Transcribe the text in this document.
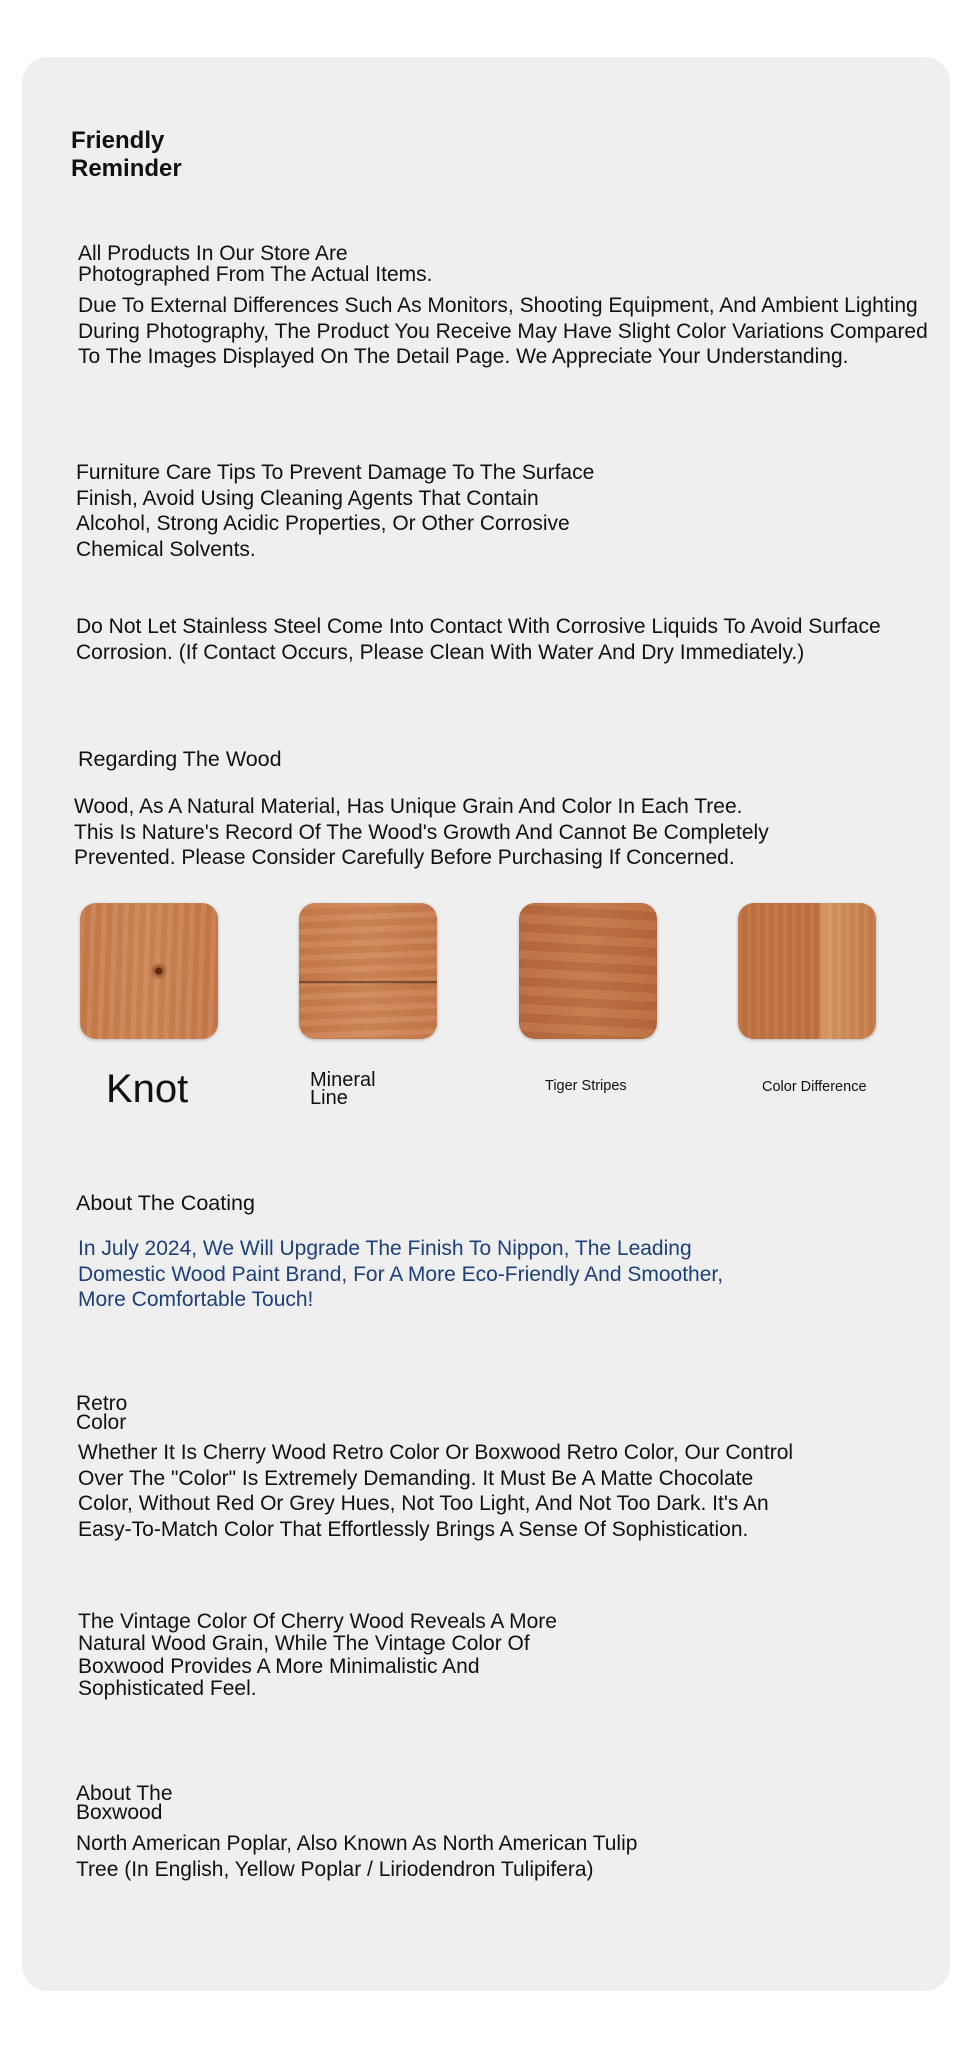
Friendly
Reminder

All Products In Our Store Are
Photographed From The Actual Items.

Due To External Differences Such As Monitors, Shooting Equipment, And Ambient Lighting
During Photography, The Product You Receive May Have Slight Color Variations Compared
To The Images Displayed On The Detail Page. We Appreciate Your Understanding.

Furniture Care Tips To Prevent Damage To The Surface
Finish, Avoid Using Cleaning Agents That Contain
Alcohol, Strong Acidic Properties, Or Other Corrosive
Chemical Solvents.

Do Not Let Stainless Steel Come Into Contact With Corrosive Liquids To Avoid Surface
Corrosion. (If Contact Occurs, Please Clean With Water And Dry Immediately.)

Regarding The Wood

Wood, As A Natural Material, Has Unique Grain And Color In Each Tree.
This Is Nature's Record Of The Wood's Growth And Cannot Be Completely
Prevented. Please Consider Carefully Before Purchasing If Concerned.

Knot	Mineral
Line

Tiger Stripes	Color Difference

About The Coating

In July 2024, We Will Upgrade The Finish To Nippon, The Leading
Domestic Wood Paint Brand, For A More Eco-Friendly And Smoother,
More Comfortable Touch!

Retro
Color

Whether It Is Cherry Wood Retro Color Or Boxwood Retro Color, Our Control
Over The "Color" Is Extremely Demanding. It Must Be A Matte Chocolate
Color, Without Red Or Grey Hues, Not Too Light, And Not Too Dark. It's An
Easy-To-Match Color That Effortlessly Brings A Sense Of Sophistication.

The Vintage Color Of Cherry Wood Reveals A More
Natural Wood Grain, While The Vintage Color Of
Boxwood Provides A More Minimalistic And
Sophisticated Feel.

About The
Boxwood

North American Poplar, Also Known As North American Tulip
Tree (In English, Yellow Poplar / Liriodendron Tulipifera)
